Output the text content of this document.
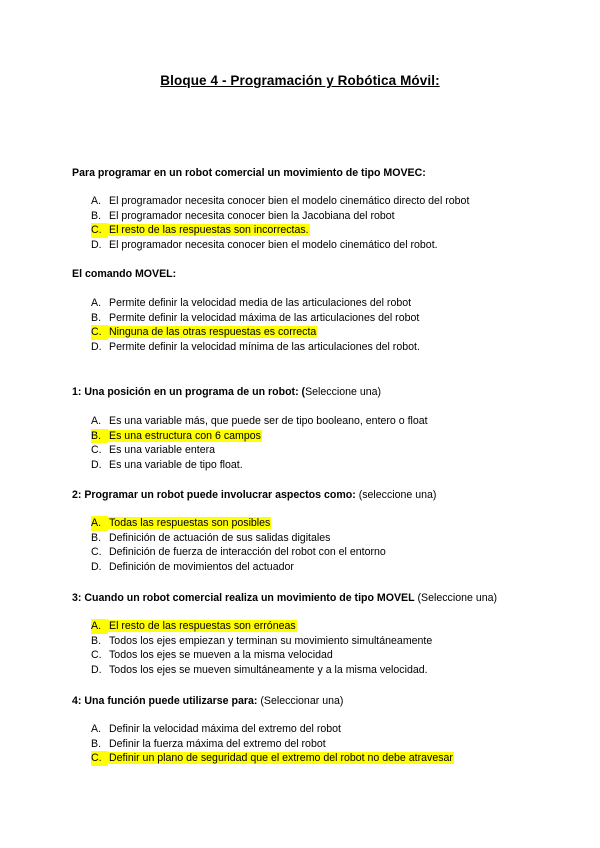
Bloque 4 - Programación y Robótica Móvil:
Para programar en un robot comercial un movimiento de tipo MOVEC:
A. El programador necesita conocer bien el modelo cinemático directo del robot
B. El programador necesita conocer bien la Jacobiana del robot
C. El resto de las respuestas son incorrectas.
D. El programador necesita conocer bien el modelo cinemático del robot.
El comando MOVEL:
A. Permite definir la velocidad media de las articulaciones del robot
B. Permite definir la velocidad máxima de las articulaciones del robot
C. Ninguna de las otras respuestas es correcta
D. Permite definir la velocidad mínima de las articulaciones del robot.
1: Una posición en un programa de un robot: (Seleccione una)
A. Es una variable más, que puede ser de tipo booleano, entero o float
B. Es una estructura con 6 campos
C. Es una variable entera
D. Es una variable de tipo float.
2: Programar un robot puede involucrar aspectos como: (seleccione una)
A. Todas las respuestas son posibles
B. Definición de actuación de sus salidas digitales
C. Definición de fuerza de interacción del robot con el entorno
D. Definición de movimientos del actuador
3: Cuando un robot comercial realiza un movimiento de tipo MOVEL (Seleccione una)
A. El resto de las respuestas son erróneas
B. Todos los ejes empiezan y terminan su movimiento simultáneamente
C. Todos los ejes se mueven a la misma velocidad
D. Todos los ejes se mueven simultáneamente y a la misma velocidad.
4: Una función puede utilizarse para: (Seleccionar una)
A. Definir la velocidad máxima del extremo del robot
B. Definir la fuerza máxima del extremo del robot
C. Definir un plano de seguridad que el extremo del robot no debe atravesar
